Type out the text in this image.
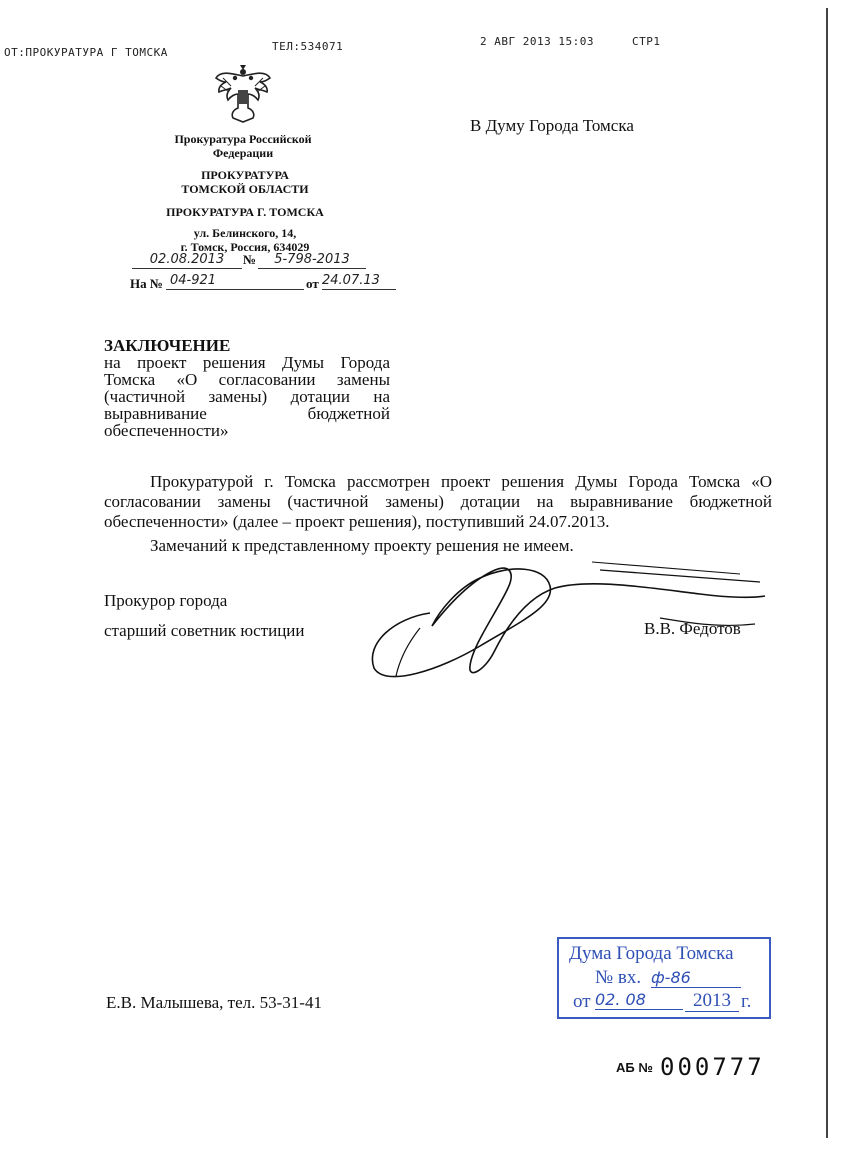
ОТ:ПРОКУРАТУРА Г ТОМСКА	ТЕЛ:534071	2 АВГ 2013 15:03	СТР1
Прокуратура Российской
Федерации
ПРОКУРАТУРА
ТОМСКОЙ ОБЛАСТИ
ПРОКУРАТУРА Г. ТОМСКА
ул. Белинского, 14,
г. Томск, Россия, 634029
02.08.2013	№	5-798-2013
На № 04-921	от 24.07.13
В Думу Города Томска
ЗАКЛЮЧЕНИЕ
на проект решения Думы Города
Томска «О согласовании замены
(частичной замены) дотации на
выравнивание бюджетной
обеспеченности»
Прокуратурой г. Томска рассмотрен проект решения Думы Города Томска «О согласовании замены (частичной замены) дотации на выравнивание бюджетной обеспеченности» (далее – проект решения), поступивший 24.07.2013.
Замечаний к представленному проекту решения не имеем.
Прокурор города
старший советник юстиции	В.В. Федотов
Е.В. Малышева, тел. 53-31-41
Дума Города Томска
№ вх. ф-86
от 02. 08	2013 г.
АБ № 000777
